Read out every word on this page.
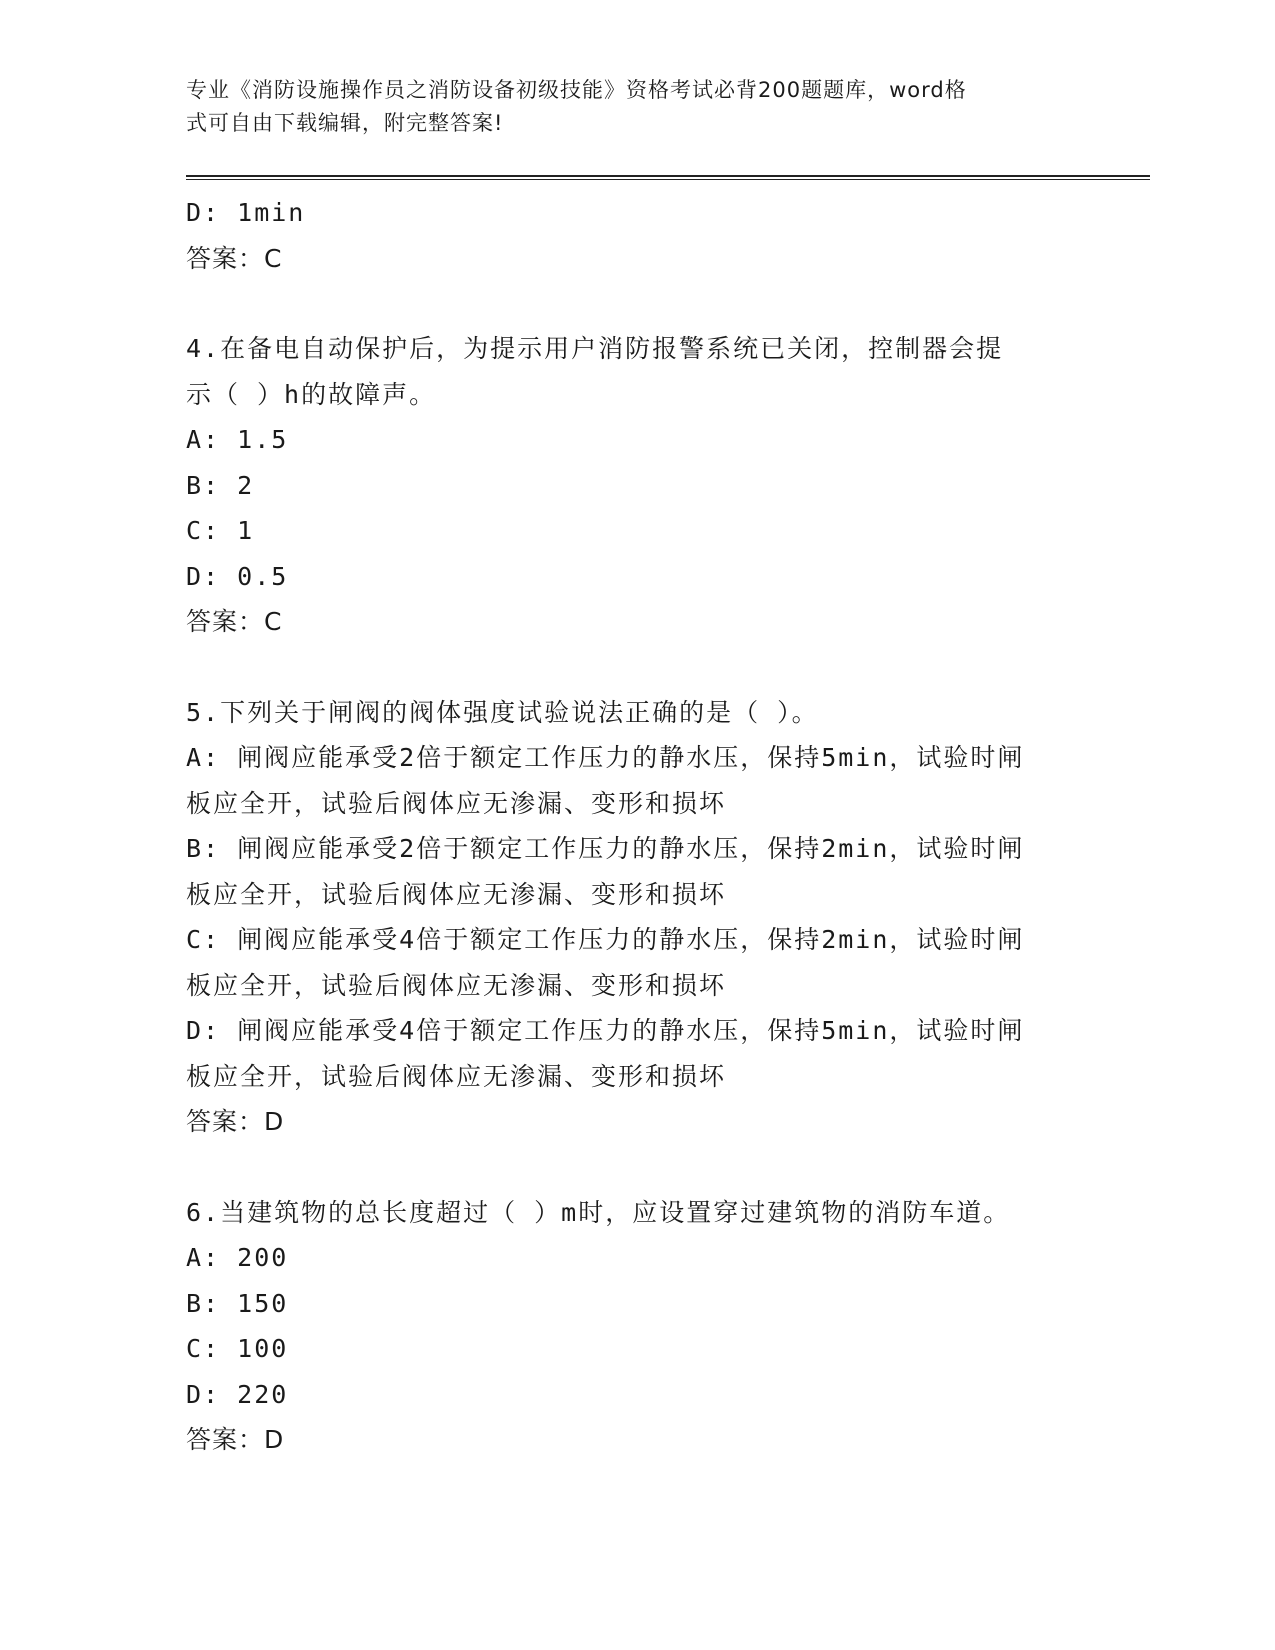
专业《消防设施操作员之消防设备初级技能》资格考试必背200题题库，word格
式可自由下载编辑，附完整答案!

D: 1min

答案：C

4.在备电自动保护后，为提示用户消防报警系统已关闭，控制器会提

示（ ）h的故障声。

A: 1.5

B: 2

C: 1

D: 0.5

答案：C

5.下列关于闸阀的阀体强度试验说法正确的是（ ）。

A: 闸阀应能承受2倍于额定工作压力的静水压，保持5min，试验时闸

板应全开，试验后阀体应无渗漏、变形和损坏

B: 闸阀应能承受2倍于额定工作压力的静水压，保持2min，试验时闸

板应全开，试验后阀体应无渗漏、变形和损坏

C: 闸阀应能承受4倍于额定工作压力的静水压，保持2min，试验时闸

板应全开，试验后阀体应无渗漏、变形和损坏

D: 闸阀应能承受4倍于额定工作压力的静水压，保持5min，试验时闸

板应全开，试验后阀体应无渗漏、变形和损坏

答案：D

6.当建筑物的总长度超过（ ）m时，应设置穿过建筑物的消防车道。

A: 200

B: 150

C: 100

D: 220

答案：D
